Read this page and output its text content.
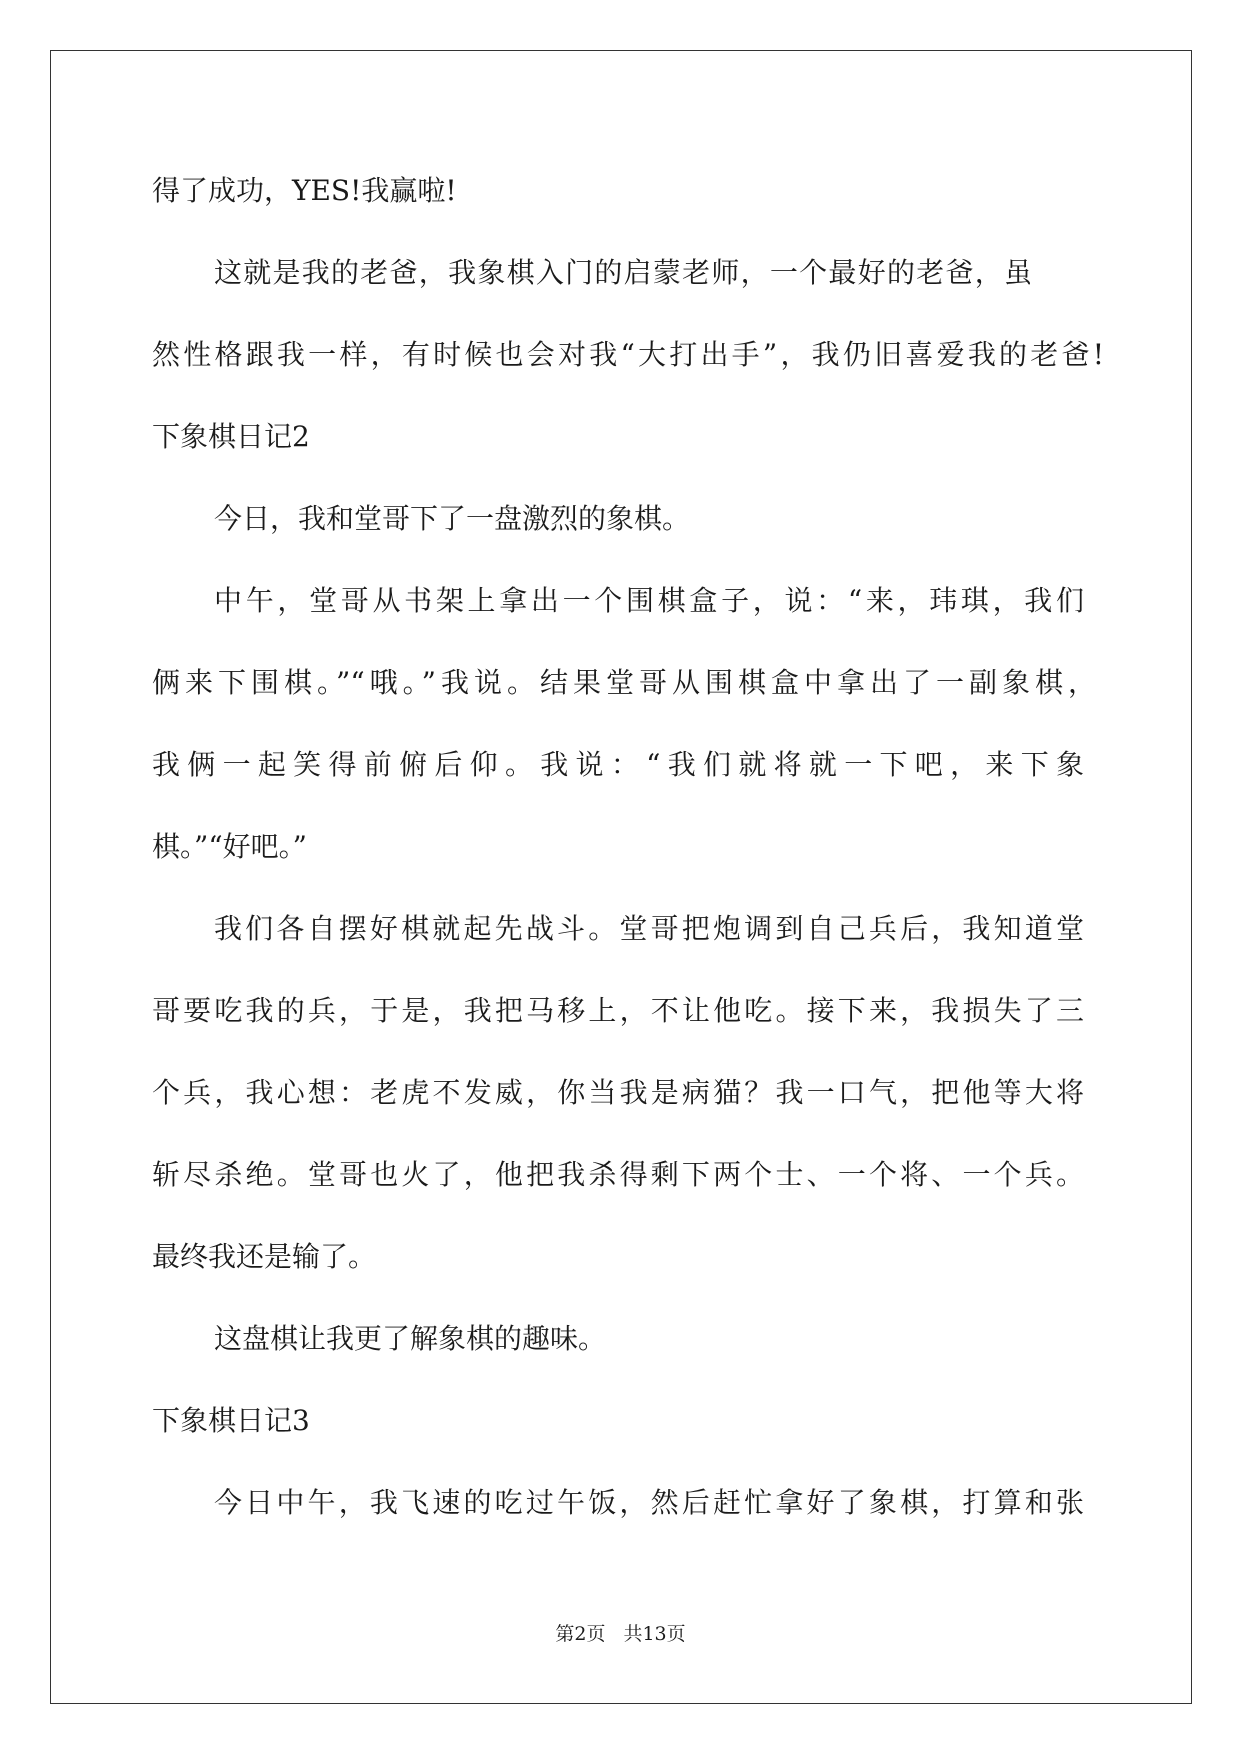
得了成功，YES!我赢啦!

这就是我的老爸，我象棋入门的启蒙老师，一个最好的老爸，虽

然性格跟我一样，有时候也会对我“大打出手”，我仍旧喜爱我的老爸!

下象棋日记2

今日，我和堂哥下了一盘激烈的象棋。

中午，堂哥从书架上拿出一个围棋盒子，说：“来，玮琪，我们

俩来下围棋。”“哦。”我说。结果堂哥从围棋盒中拿出了一副象棋，

我俩一起笑得前俯后仰。我说：“我们就将就一下吧，来下象

棋。”“好吧。”

我们各自摆好棋就起先战斗。堂哥把炮调到自己兵后，我知道堂

哥要吃我的兵，于是，我把马移上，不让他吃。接下来，我损失了三

个兵，我心想：老虎不发威，你当我是病猫？我一口气，把他等大将

斩尽杀绝。堂哥也火了，他把我杀得剩下两个士、一个将、一个兵。

最终我还是输了。

这盘棋让我更了解象棋的趣味。

下象棋日记3

今日中午，我飞速的吃过午饭，然后赶忙拿好了象棋，打算和张

第2页 共13页
